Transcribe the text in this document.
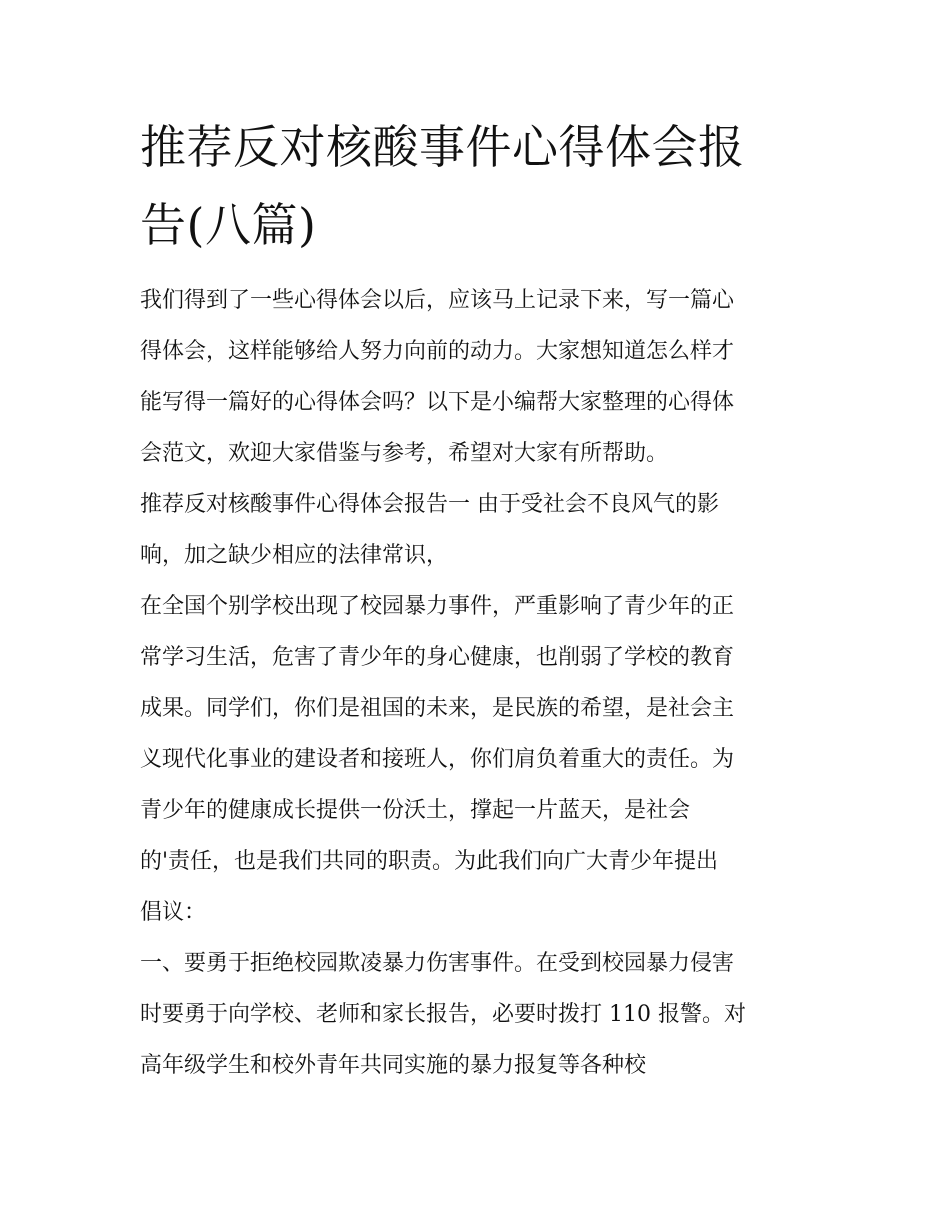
推荐反对核酸事件心得体会报
告(八篇)
我们得到了一些心得体会以后，应该马上记录下来，写一篇心
得体会，这样能够给人努力向前的动力。大家想知道怎么样才
能写得一篇好的心得体会吗？以下是小编帮大家整理的心得体
会范文，欢迎大家借鉴与参考，希望对大家有所帮助。
推荐反对核酸事件心得体会报告一 由于受社会不良风气的影
响，加之缺少相应的法律常识，
在全国个别学校出现了校园暴力事件，严重影响了青少年的正
常学习生活，危害了青少年的身心健康，也削弱了学校的教育
成果。同学们，你们是祖国的未来，是民族的希望，是社会主
义现代化事业的建设者和接班人，你们肩负着重大的责任。为
青少年的健康成长提供一份沃土，撑起一片蓝天，是社会
的'责任，也是我们共同的职责。为此我们向广大青少年提出
倡议：
一、要勇于拒绝校园欺凌暴力伤害事件。在受到校园暴力侵害
时要勇于向学校、老师和家长报告，必要时拨打 110 报警。对
高年级学生和校外青年共同实施的暴力报复等各种校
